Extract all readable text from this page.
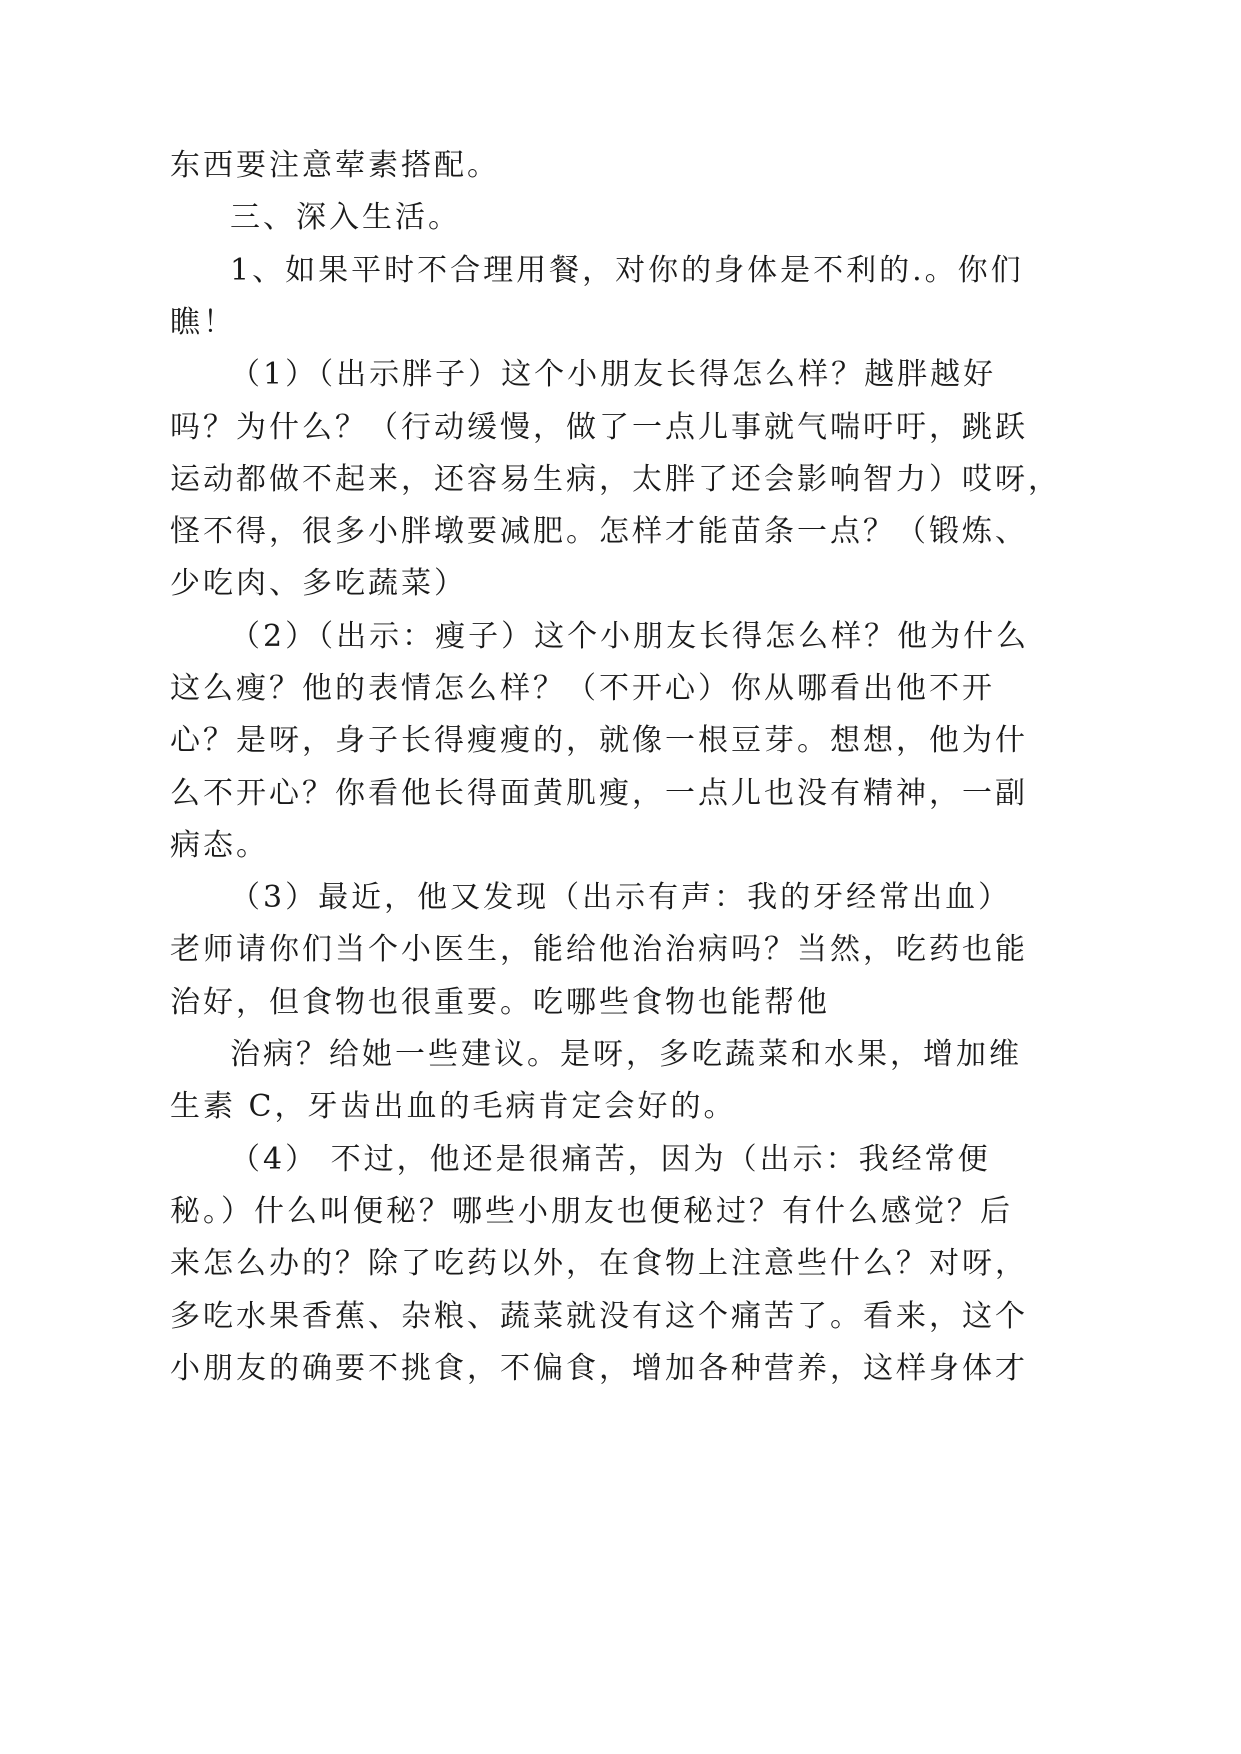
东西要注意荤素搭配。
三、深入生活。
1、如果平时不合理用餐，对你的身体是不利的.。你们
瞧！
（1）（出示胖子）这个小朋友长得怎么样？越胖越好
吗？为什么？（行动缓慢，做了一点儿事就气喘吁吁，跳跃
运动都做不起来，还容易生病，太胖了还会影响智力）哎呀，
怪不得，很多小胖墩要减肥。怎样才能苗条一点？（锻炼、
少吃肉、多吃蔬菜）
（2）（出示：瘦子）这个小朋友长得怎么样？他为什么
这么瘦？他的表情怎么样？（不开心）你从哪看出他不开
心？是呀，身子长得瘦瘦的，就像一根豆芽。想想，他为什
么不开心？你看他长得面黄肌瘦，一点儿也没有精神，一副
病态。
（3）最近，他又发现（出示有声：我的牙经常出血）
老师请你们当个小医生，能给他治治病吗？当然，吃药也能
治好，但食物也很重要。吃哪些食物也能帮他
治病？给她一些建议。是呀，多吃蔬菜和水果，增加维
生素 C，牙齿出血的毛病肯定会好的。
（4） 不过，他还是很痛苦，因为（出示：我经常便
秘。）什么叫便秘？哪些小朋友也便秘过？有什么感觉？后
来怎么办的？除了吃药以外，在食物上注意些什么？对呀，
多吃水果香蕉、杂粮、蔬菜就没有这个痛苦了。看来，这个
小朋友的确要不挑食，不偏食，增加各种营养，这样身体才
